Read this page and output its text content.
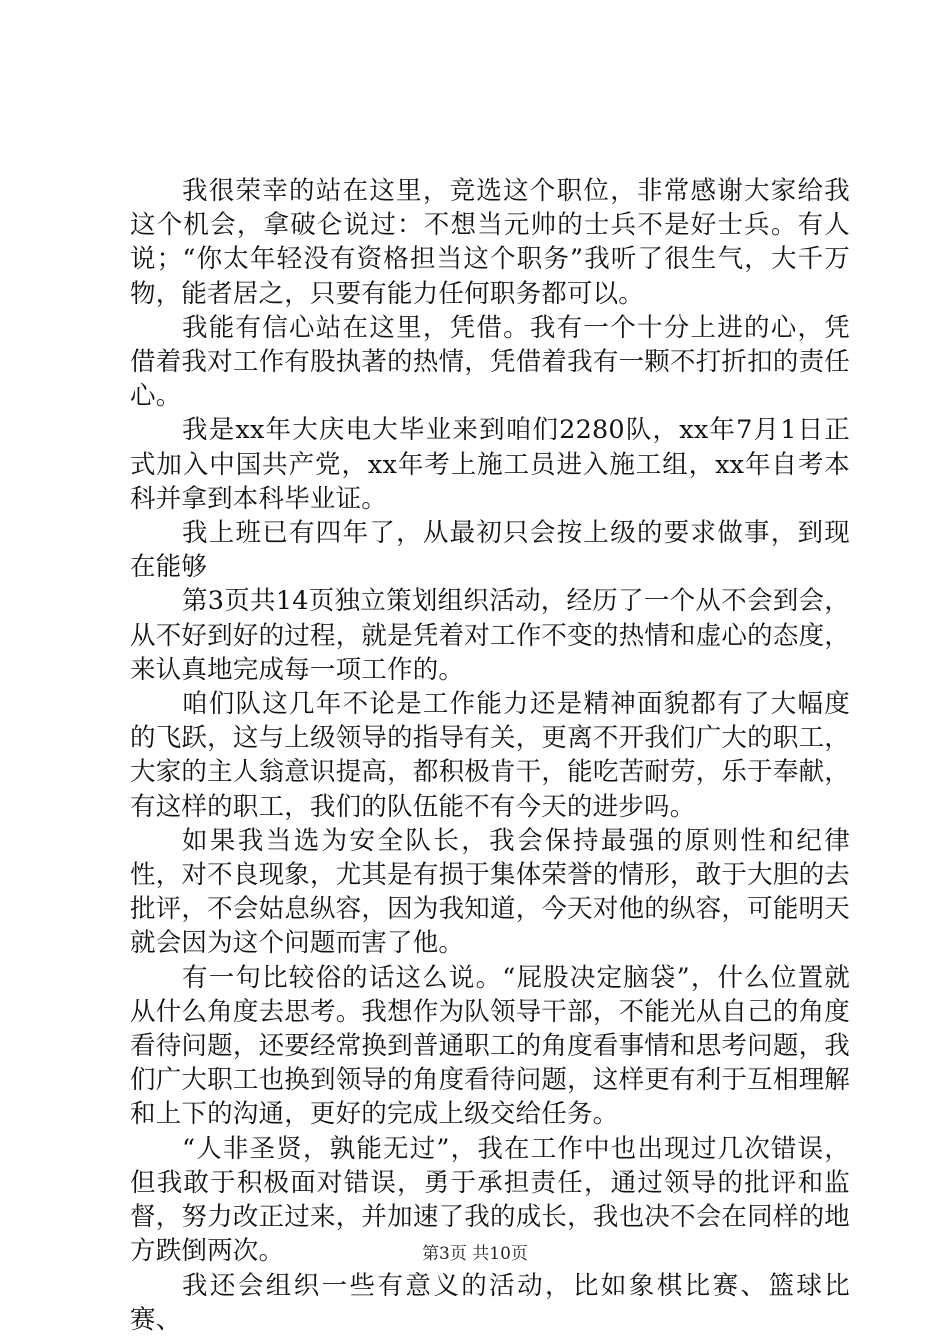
我很荣幸的站在这里，竞选这个职位，非常感谢大家给我这个机会，拿破仑说过：不想当元帅的士兵不是好士兵。有人说；“你太年轻没有资格担当这个职务”我听了很生气，大千万物，能者居之，只要有能力任何职务都可以。

我能有信心站在这里，凭借。我有一个十分上进的心，凭借着我对工作有股执著的热情，凭借着我有一颗不打折扣的责任心。

我是xx年大庆电大毕业来到咱们2280队，xx年7月1日正式加入中国共产党，xx年考上施工员进入施工组，xx年自考本科并拿到本科毕业证。

我上班已有四年了，从最初只会按上级的要求做事，到现在能够

第3页共14页独立策划组织活动，经历了一个从不会到会，从不好到好的过程，就是凭着对工作不变的热情和虚心的态度，来认真地完成每一项工作的。

咱们队这几年不论是工作能力还是精神面貌都有了大幅度的飞跃，这与上级领导的指导有关，更离不开我们广大的职工，大家的主人翁意识提高，都积极肯干，能吃苦耐劳，乐于奉献，有这样的职工，我们的队伍能不有今天的进步吗。

如果我当选为安全队长，我会保持最强的原则性和纪律性，对不良现象，尤其是有损于集体荣誉的情形，敢于大胆的去批评，不会姑息纵容，因为我知道，今天对他的纵容，可能明天就会因为这个问题而害了他。

有一句比较俗的话这么说。“屁股决定脑袋”，什么位置就从什么角度去思考。我想作为队领导干部，不能光从自己的角度看待问题，还要经常换到普通职工的角度看事情和思考问题，我们广大职工也换到领导的角度看待问题，这样更有利于互相理解和上下的沟通，更好的完成上级交给任务。

“人非圣贤，孰能无过”，我在工作中也出现过几次错误，但我敢于积极面对错误，勇于承担责任，通过领导的批评和监督，努力改正过来，并加速了我的成长，我也决不会在同样的地方跌倒两次。

我还会组织一些有意义的活动，比如象棋比赛、篮球比赛、

第3页 共10页
